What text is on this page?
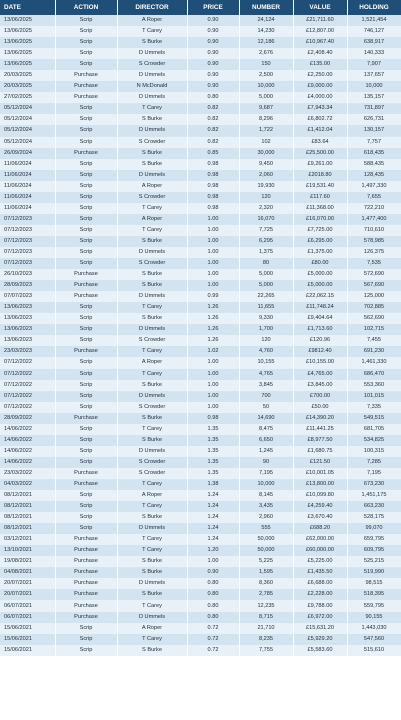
DATE	ACTION	DIRECTOR	PRICE	NUMBER	VALUE	HOLDING
13/06/2025	Scrip	A Roper	0.90	24,124	£21,711.60	1,521,454
13/06/2025	Scrip	T Carey	0.90	14,230	£12,807.00	746,127
13/06/2025	Scrip	S Burke	0.90	12,186	£10,967.40	638,917
13/06/2025	Scrip	D Ummels	0.90	2,676	£2,408.40	140,333
13/06/2025	Scrip	S Crowder	0.90	150	£135.00	7,907
20/03/2025	Purchase	D Ummels	0.90	2,500	£2,250.00	137,657
20/03/2025	Purchase	N McDonald	0.90	10,000	£9,000.00	10,000
27/02/2025	Purchase	D Ummels	0.80	5,000	£4,000.00	135,157
05/12/2024	Scrip	T Carey	0.82	9,687	£7,943.34	731,897
05/12/2024	Scrip	S Burke	0.82	8,296	£6,802.72	626,731
05/12/2024	Scrip	D Ummels	0.82	1,722	£1,412.04	130,157
05/12/2024	Scrip	S Crowder	0.82	102	£83.64	7,757
26/09/2024	Purchase	S Burke	0.85	30,000	£25,500.00	618,435
11/06/2024	Scrip	S Burke	0.98	9,450	£9,261.00	588,435
11/06/2024	Scrip	D Ummels	0.98	2,060	£2018.80	128,435
11/06/2024	Scrip	A Roper	0.98	19,930	£19,531.40	1,497,330
11/06/2024	Scrip	S Crowder	0.98	120	£117.60	7,655
11/06/2024	Scrip	T Carey	0.98	2,320	£11,368.00	722,210
07/12/2023	Scrip	A Roper	1.00	16,070	£16,070.00	1,477,400
07/12/2023	Scrip	T Carey	1.00	7,725	£7,725.00	710,610
07/12/2023	Scrip	S Burke	1.00	6,295	£6,295.00	578,985
07/12/2023	Scrip	D Ummels	1.00	1,375	£1,375.00	126,375
07/12/2023	Scrip	S Crowder	1.00	80	£80.00	7,535
26/10/2023	Purchase	S Burke	1.00	5,000	£5,000.00	572,690
28/09/2023	Purchase	S Burke	1.00	5,000	£5,000.00	567,690
07/07/2023	Purchase	D Ummels	0.99	22,265	£22,062.15	125,000
13/06/2023	Scrip	T Carey	1.26	11,655	£11,748.24	702,885
13/06/2023	Scrip	S Burke	1.26	9,330	£9,404.64	562,690
13/06/2023	Scrip	D Ummels	1.26	1,700	£1,713.60	102,715
13/06/2023	Scrip	S Crowder	1.26	120	£120.96	7,455
23/03/2023	Purchase	T Carey	1.02	4,760	£9812.40	691,230
07/12/2022	Scrip	A Roper	1.00	10,155	£10,155.00	1,461,330
07/12/2022	Scrip	T Carey	1.00	4,765	£4,765.00	686,470
07/12/2022	Scrip	S Burke	1.00	3,845	£3,845.00	553,360
07/12/2022	Scrip	D Ummels	1.00	700	£700.00	101,015
07/12/2022	Scrip	S Crowder	1.00	50	£50.00	7,335
28/09/2022	Purchase	S Burke	0.98	14,690	£14,390.20	549,515
14/06/2022	Scrip	T Carey	1.35	8,475	£11,441.25	681,705
14/06/2022	Scrip	S Burke	1.35	6,650	£8,977.50	534,825
14/06/2022	Scrip	D Ummels	1.35	1,245	£1,680.75	100,315
14/06/2022	Scrip	S Crowder	1.35	90	£121.50	7,285
23/03/2022	Purchase	S Crowder	1.35	7,195	£10,001.05	7,195
04/03/2022	Purchase	T Carey	1.38	10,000	£13,800.00	673,230
08/12/2021	Scrip	A Roper	1.24	8,145	£10,099.80	1,451,175
08/12/2021	Scrip	T Carey	1.24	3,435	£4,259.40	663,230
08/12/2021	Scrip	S Burke	1.24	2,960	£3,670.40	528,175
08/12/2021	Scrip	D Ummels	1.24	555	£688.20	99,070
03/12/2021	Purchase	T Carey	1.24	50,000	£62,000.00	659,795
13/10/2021	Purchase	T Carey	1.20	50,000	£60,000.00	609,795
19/08/2021	Purchase	S Burke	1.00	5,225	£5,225.00	525,215
04/08/2021	Purchase	S Burke	0.90	1,595	£1,435.50	519,990
20/07/2021	Purchase	D Ummels	0.80	8,360	£6,688.00	98,515
20/07/2021	Purchase	S Burke	0.80	2,785	£2,228.00	518,395
06/07/2021	Purchase	T Carey	0.80	12,235	£9,788.00	559,795
06/07/2021	Purchase	D Ummels	0.80	8,715	£6,972.00	90,155
15/06/2021	Scrip	A Roper	0.72	21,710	£15,631.20	1,443,030
15/06/2021	Scrip	T Carey	0.72	8,235	£5,929.20	547,560
15/06/2021	Scrip	S Burke	0.72	7,755	£5,583.60	515,610
